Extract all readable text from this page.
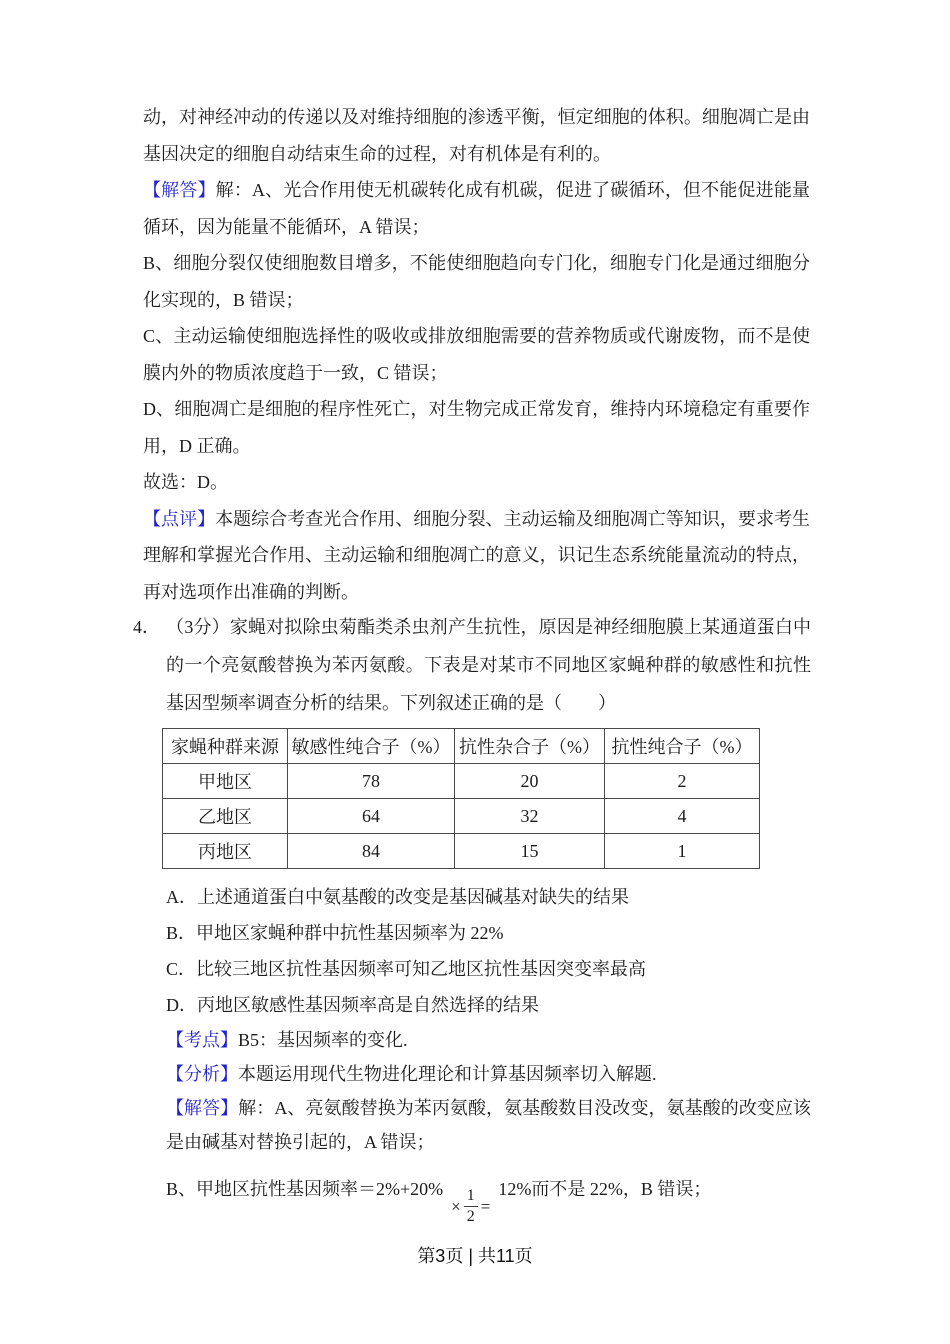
动，对神经冲动的传递以及对维持细胞的渗透平衡，恒定细胞的体积。细胞凋亡是由基因决定的细胞自动结束生命的过程，对有机体是有利的。

【解答】解：A、光合作用使无机碳转化成有机碳，促进了碳循环，但不能促进能量循环，因为能量不能循环，A 错误；

B、细胞分裂仅使细胞数目增多，不能使细胞趋向专门化，细胞专门化是通过细胞分化实现的，B 错误；

C、主动运输使细胞选择性的吸收或排放细胞需要的营养物质或代谢废物，而不是使膜内外的物质浓度趋于一致，C 错误；

D、细胞凋亡是细胞的程序性死亡，对生物完成正常发育，维持内环境稳定有重要作用，D 正确。

故选：D。

【点评】本题综合考查光合作用、细胞分裂、主动运输及细胞凋亡等知识，要求考生理解和掌握光合作用、主动运输和细胞凋亡的意义，识记生态系统能量流动的特点，再对选项作出准确的判断。

4． （3分）家蝇对拟除虫菊酯类杀虫剂产生抗性，原因是神经细胞膜上某通道蛋白中的一个亮氨酸替换为苯丙氨酸。下表是对某市不同地区家蝇种群的敏感性和抗性基因型频率调查分析的结果。下列叙述正确的是（　　）

家蝇种群来源	敏感性纯合子（%）	抗性杂合子（%）	抗性纯合子（%）
甲地区	78	20	2
乙地区	64	32	4
丙地区	84	15	1

A．上述通道蛋白中氨基酸的改变是基因碱基对缺失的结果

B．甲地区家蝇种群中抗性基因频率为 22%

C．比较三地区抗性基因频率可知乙地区抗性基因突变率最高

D．丙地区敏感性基因频率高是自然选择的结果

【考点】B5：基因频率的变化.

【分析】本题运用现代生物进化理论和计算基因频率切入解题.

【解答】解：A、亮氨酸替换为苯丙氨酸，氨基酸数目没改变，氨基酸的改变应该是由碱基对替换引起的，A 错误；

B、甲地区抗性基因频率$=2\%+20\%\times \frac{1}{2} =12\%$而不是 22%，B 错误；

第3页 | 共11页
